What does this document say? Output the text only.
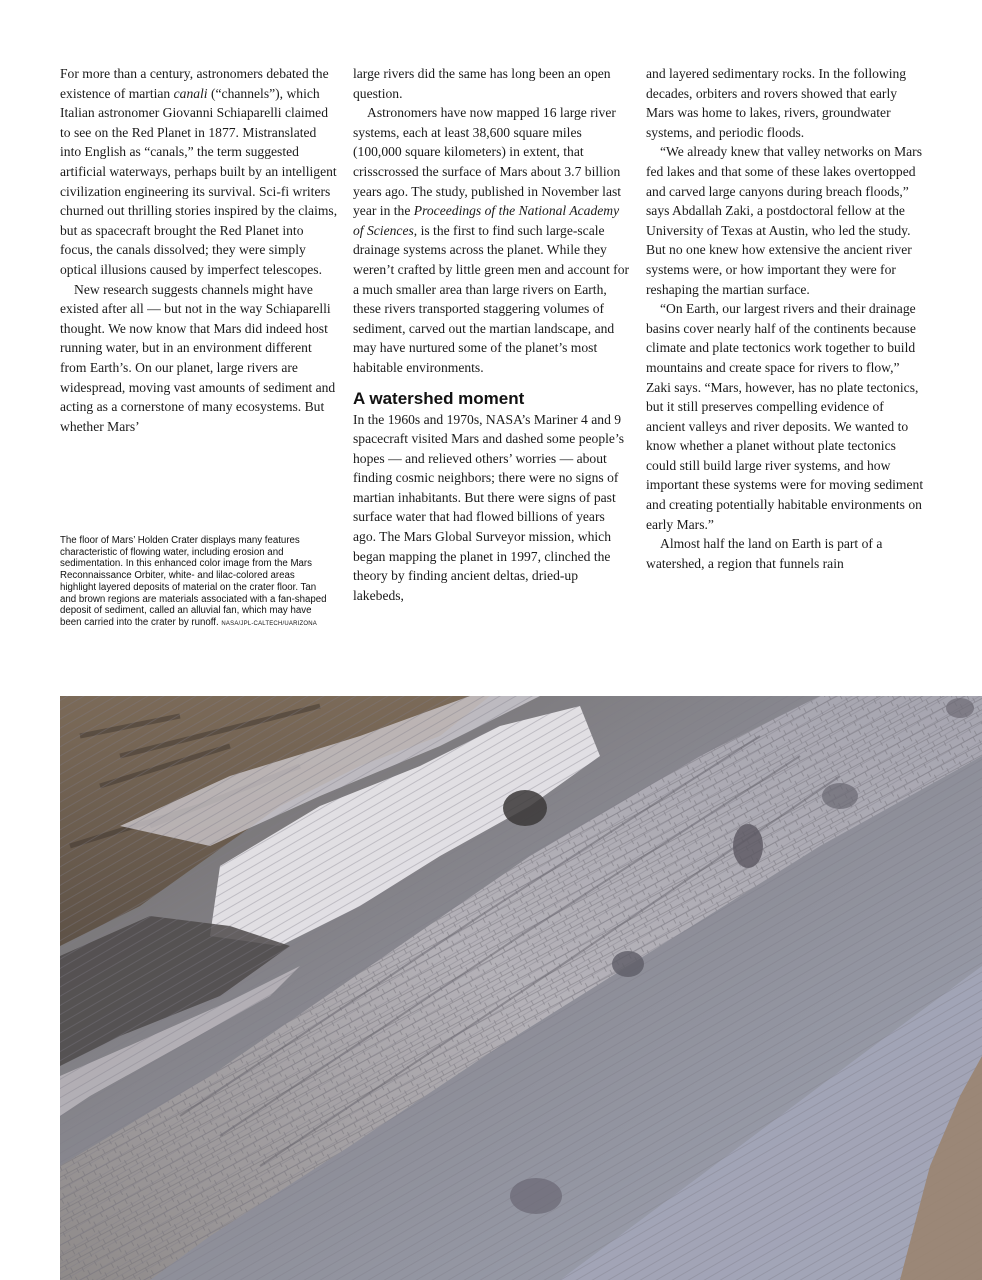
For more than a century, astronomers debated the existence of martian canali (“channels”), which Italian astronomer Giovanni Schiaparelli claimed to see on the Red Planet in 1877. Mistranslated into English as “canals,” the term suggested artificial waterways, perhaps built by an intelligent civilization engineering its survival. Sci-fi writers churned out thrilling stories inspired by the claims, but as spacecraft brought the Red Planet into focus, the canals dissolved; they were simply optical illusions caused by imperfect telescopes.

New research suggests channels might have existed after all — but not in the way Schiaparelli thought. We now know that Mars did indeed host running water, but in an environment different from Earth’s. On our planet, large rivers are widespread, moving vast amounts of sediment and acting as a cornerstone of many ecosystems. But whether Mars’

The floor of Mars’ Holden Crater displays many features characteristic of flowing water, including erosion and sedimentation. In this enhanced color image from the Mars Reconnaissance Orbiter, white- and lilac-colored areas highlight layered deposits of material on the crater floor. Tan and brown regions are materials associated with a fan-shaped deposit of sediment, called an alluvial fan, which may have been carried into the crater by runoff. NASA/JPL-CALTECH/UARIZONA

large rivers did the same has long been an open question.

Astronomers have now mapped 16 large river systems, each at least 38,600 square miles (100,000 square kilometers) in extent, that crisscrossed the surface of Mars about 3.7 billion years ago. The study, published in November last year in the Proceedings of the National Academy of Sciences, is the first to find such large-scale drainage systems across the planet. While they weren’t crafted by little green men and account for a much smaller area than large rivers on Earth, these rivers transported staggering volumes of sediment, carved out the martian landscape, and may have nurtured some of the planet’s most habitable environments.

A watershed moment

In the 1960s and 1970s, NASA’s Mariner 4 and 9 spacecraft visited Mars and dashed some people’s hopes — and relieved others’ worries — about finding cosmic neighbors; there were no signs of martian inhabitants. But there were signs of past surface water that had flowed billions of years ago. The Mars Global Surveyor mission, which began mapping the planet in 1997, clinched the theory by finding ancient deltas, dried-up lakebeds,

and layered sedimentary rocks. In the following decades, orbiters and rovers showed that early Mars was home to lakes, rivers, groundwater systems, and periodic floods.

“We already knew that valley networks on Mars fed lakes and that some of these lakes overtopped and carved large canyons during breach floods,” says Abdallah Zaki, a postdoctoral fellow at the University of Texas at Austin, who led the study. But no one knew how extensive the ancient river systems were, or how important they were for reshaping the martian surface.

“On Earth, our largest rivers and their drainage basins cover nearly half of the continents because climate and plate tectonics work together to build mountains and create space for rivers to flow,” Zaki says. “Mars, however, has no plate tectonics, but it still preserves compelling evidence of ancient valleys and river deposits. We wanted to know whether a planet without plate tectonics could still build large river systems, and how important these systems were for moving sediment and creating potentially habitable environments on early Mars.”

Almost half the land on Earth is part of a watershed, a region that funnels rain
